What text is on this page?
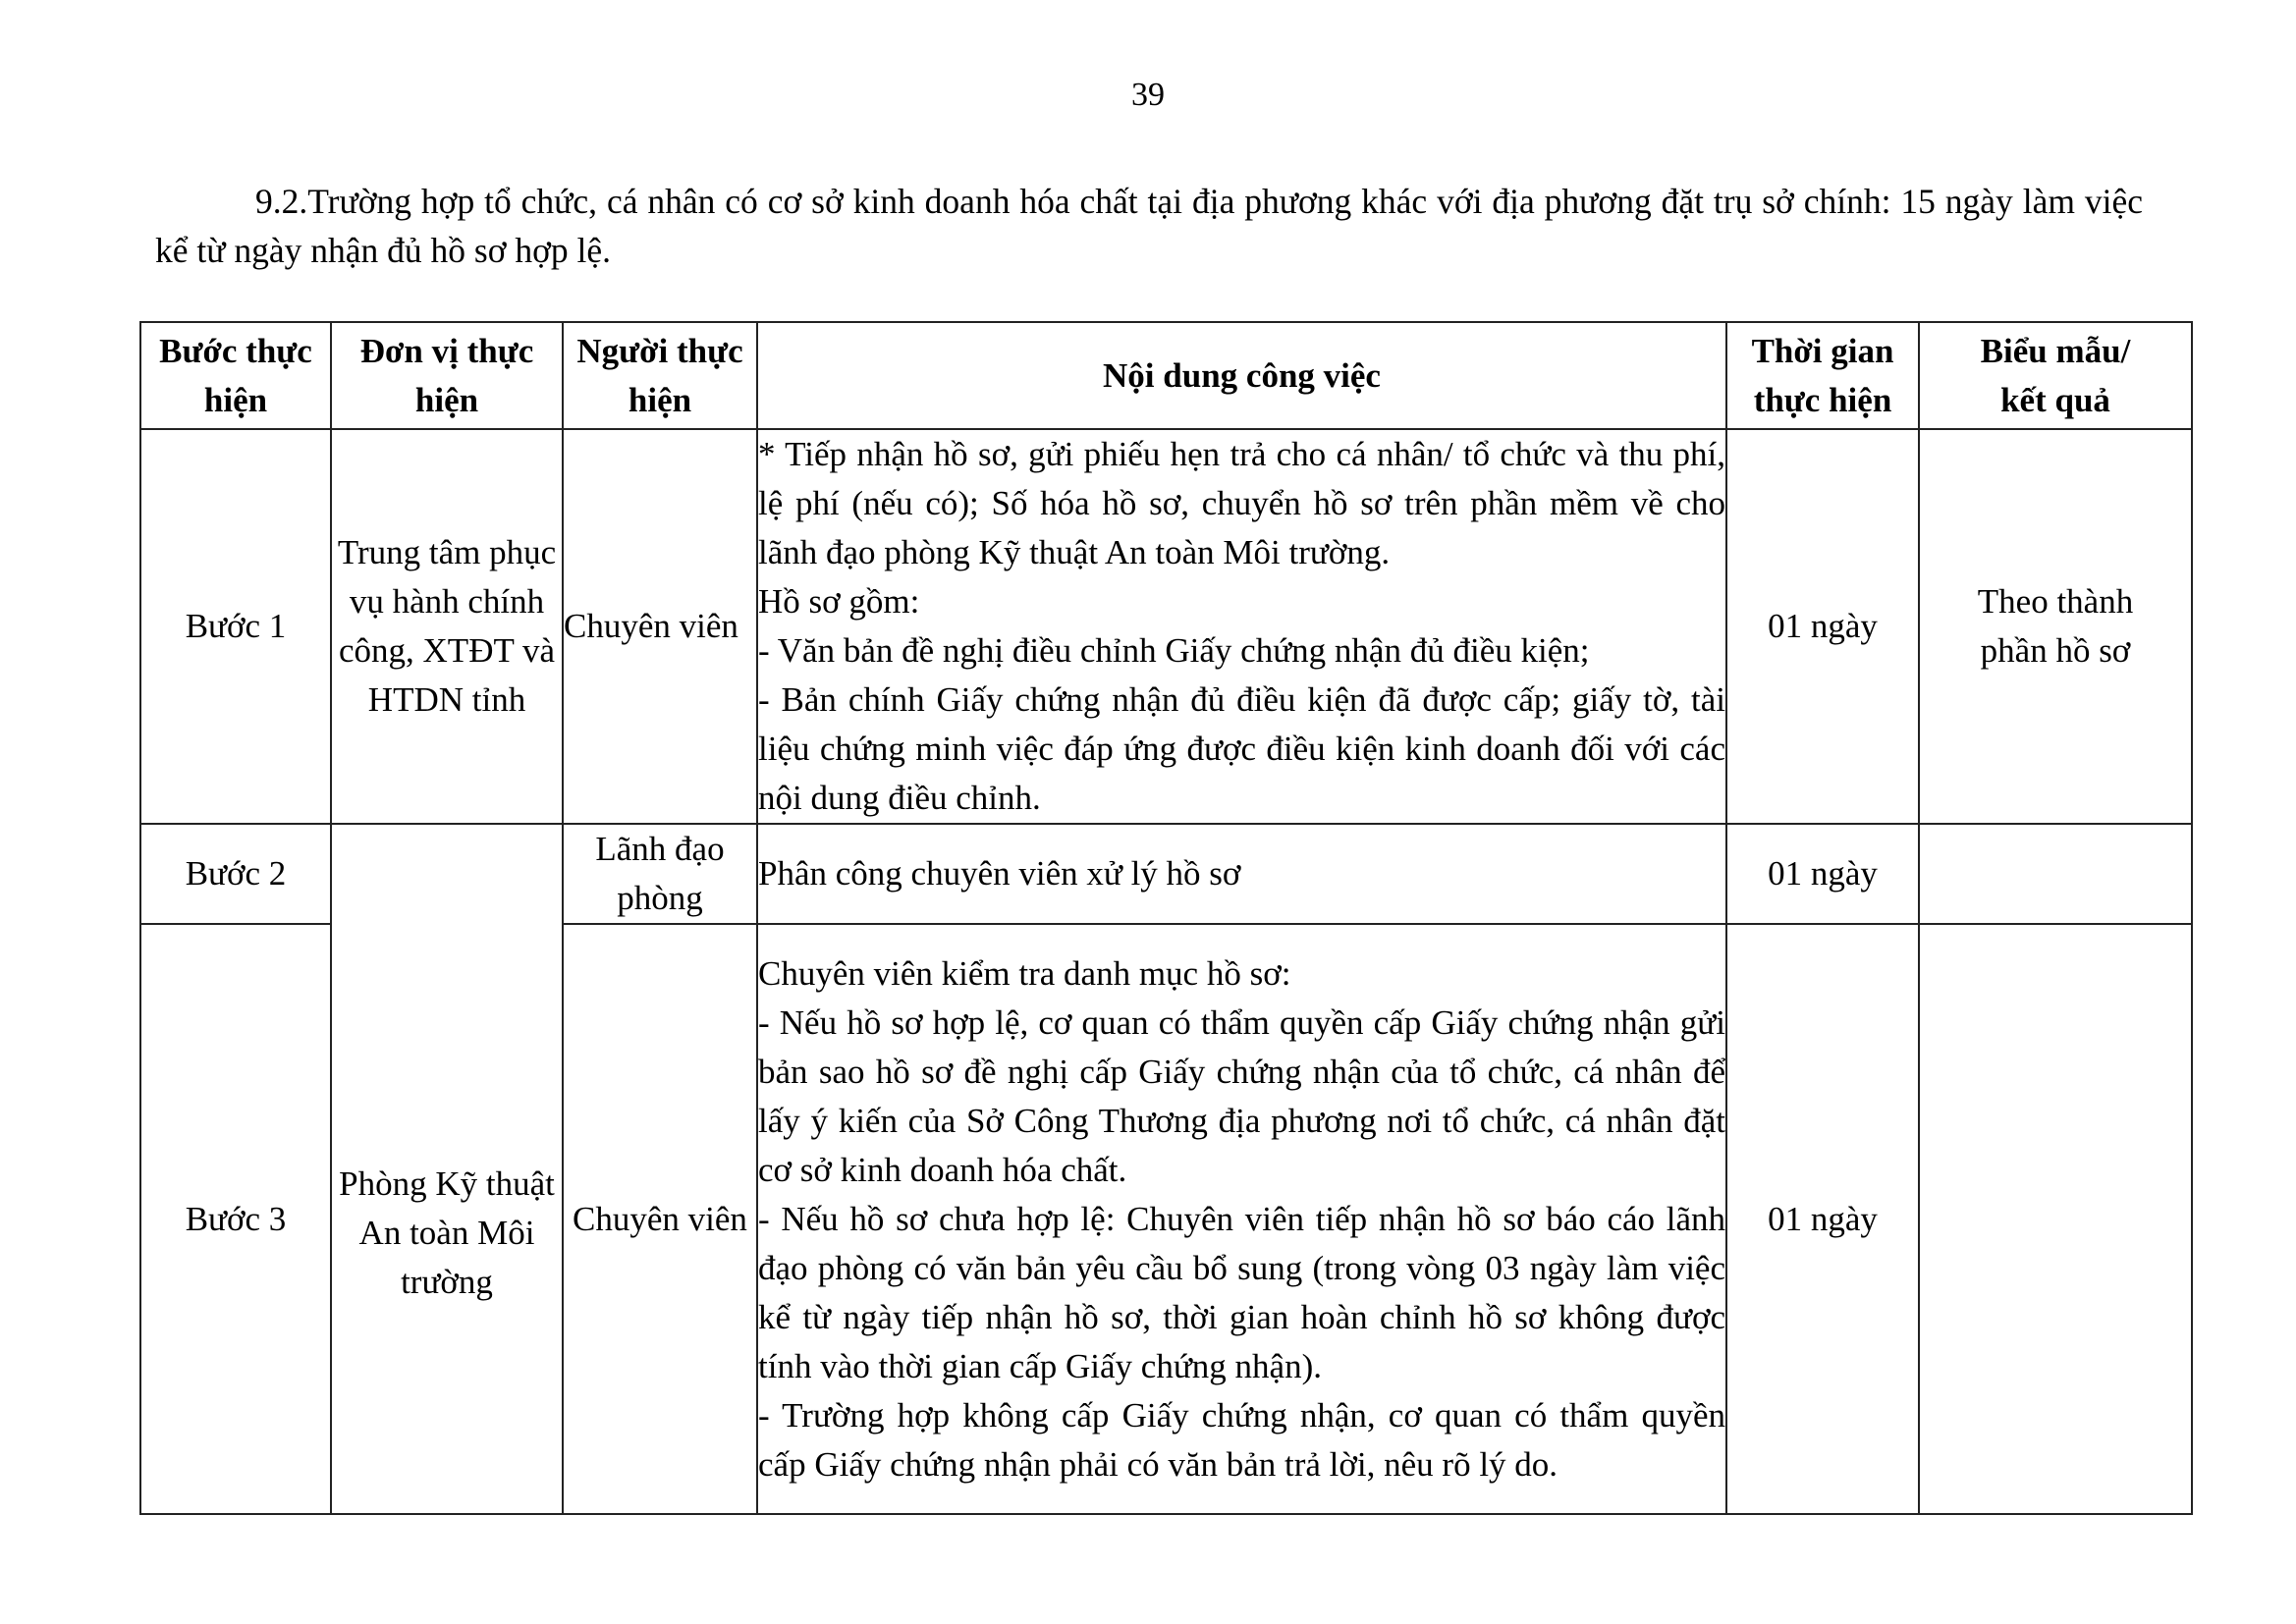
39
9.2.Trường hợp tổ chức, cá nhân có cơ sở kinh doanh hóa chất tại địa phương khác với địa phương đặt trụ sở chính: 15 ngày làm việc kể từ ngày nhận đủ hồ sơ hợp lệ.
Bước thực hiện	Đơn vị thực hiện	Người thực hiện	Nội dung công việc	Thời gian thực hiện	Biểu mẫu/ kết quả
Bước 1	Trung tâm phục vụ hành chính công, XTĐT và HTDN tỉnh	Chuyên viên	* Tiếp nhận hồ sơ, gửi phiếu hẹn trả cho cá nhân/ tổ chức và thu phí, lệ phí (nếu có); Số hóa hồ sơ, chuyển hồ sơ trên phần mềm về cho lãnh đạo phòng Kỹ thuật An toàn Môi trường.
Hồ sơ gồm:
- Văn bản đề nghị điều chỉnh Giấy chứng nhận đủ điều kiện;
- Bản chính Giấy chứng nhận đủ điều kiện đã được cấp; giấy tờ, tài liệu chứng minh việc đáp ứng được điều kiện kinh doanh đối với các nội dung điều chỉnh.	01 ngày	Theo thành phần hồ sơ
Bước 2	Phòng Kỹ thuật An toàn Môi trường	Lãnh đạo phòng	Phân công chuyên viên xử lý hồ sơ	01 ngày	
Bước 3		Chuyên viên	Chuyên viên kiểm tra danh mục hồ sơ:
- Nếu hồ sơ hợp lệ, cơ quan có thẩm quyền cấp Giấy chứng nhận gửi bản sao hồ sơ đề nghị cấp Giấy chứng nhận của tổ chức, cá nhân để lấy ý kiến của Sở Công Thương địa phương nơi tổ chức, cá nhân đặt cơ sở kinh doanh hóa chất.
- Nếu hồ sơ chưa hợp lệ: Chuyên viên tiếp nhận hồ sơ báo cáo lãnh đạo phòng có văn bản yêu cầu bổ sung (trong vòng 03 ngày làm việc kể từ ngày tiếp nhận hồ sơ, thời gian hoàn chỉnh hồ sơ không được tính vào thời gian cấp Giấy chứng nhận).
- Trường hợp không cấp Giấy chứng nhận, cơ quan có thẩm quyền cấp Giấy chứng nhận phải có văn bản trả lời, nêu rõ lý do.	01 ngày	
